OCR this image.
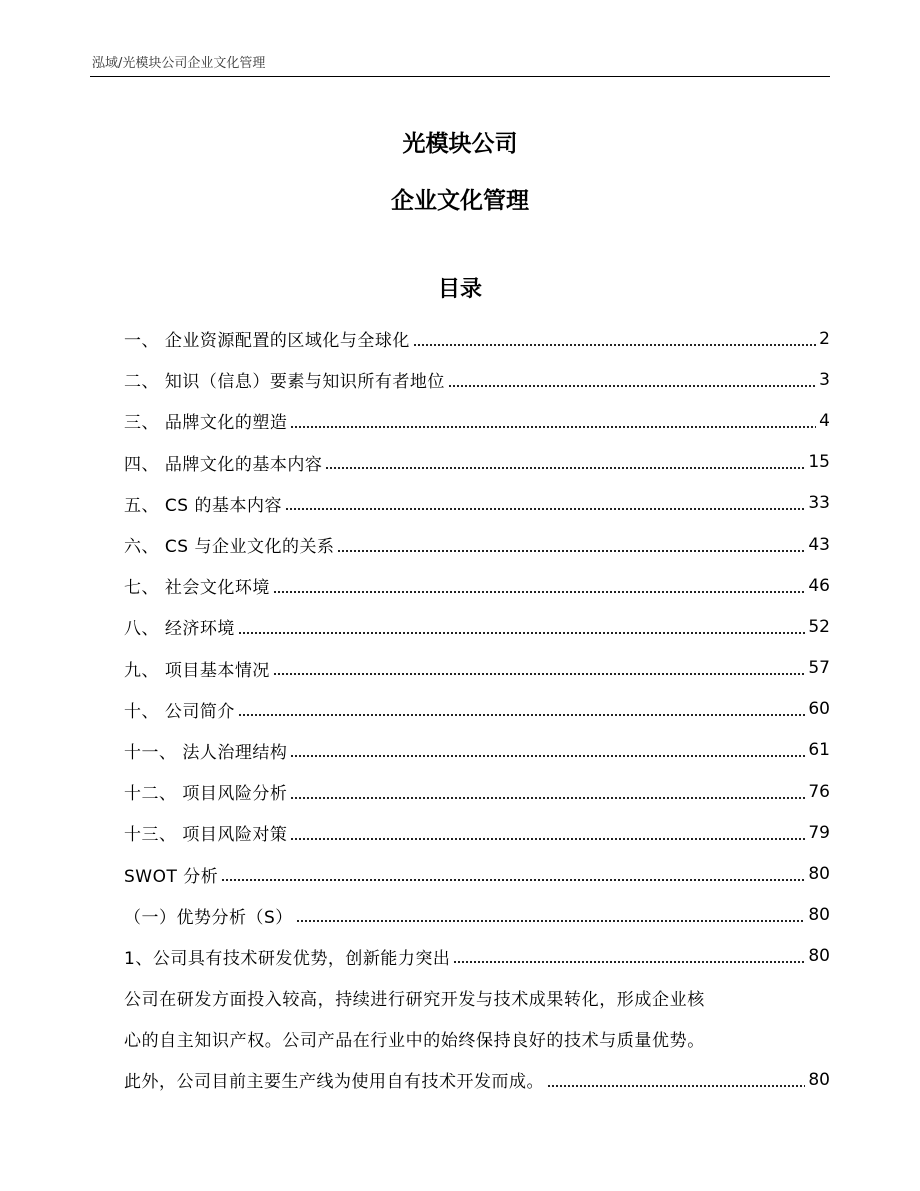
泓域/光模块公司企业文化管理
光模块公司
企业文化管理
目录
一、 企业资源配置的区域化与全球化	2
二、 知识（信息）要素与知识所有者地位	3
三、 品牌文化的塑造	4
四、 品牌文化的基本内容	15
五、 CS 的基本内容	33
六、 CS 与企业文化的关系	43
七、 社会文化环境	46
八、 经济环境	52
九、 项目基本情况	57
十、 公司简介	60
十一、 法人治理结构	61
十二、 项目风险分析	76
十三、 项目风险对策	79
SWOT 分析	80
（一）优势分析（S）	80
1、公司具有技术研发优势，创新能力突出	80
公司在研发方面投入较高，持续进行研究开发与技术成果转化，形成企业核
心的自主知识产权。公司产品在行业中的始终保持良好的技术与质量优势。
此外，公司目前主要生产线为使用自有技术开发而成。	80
